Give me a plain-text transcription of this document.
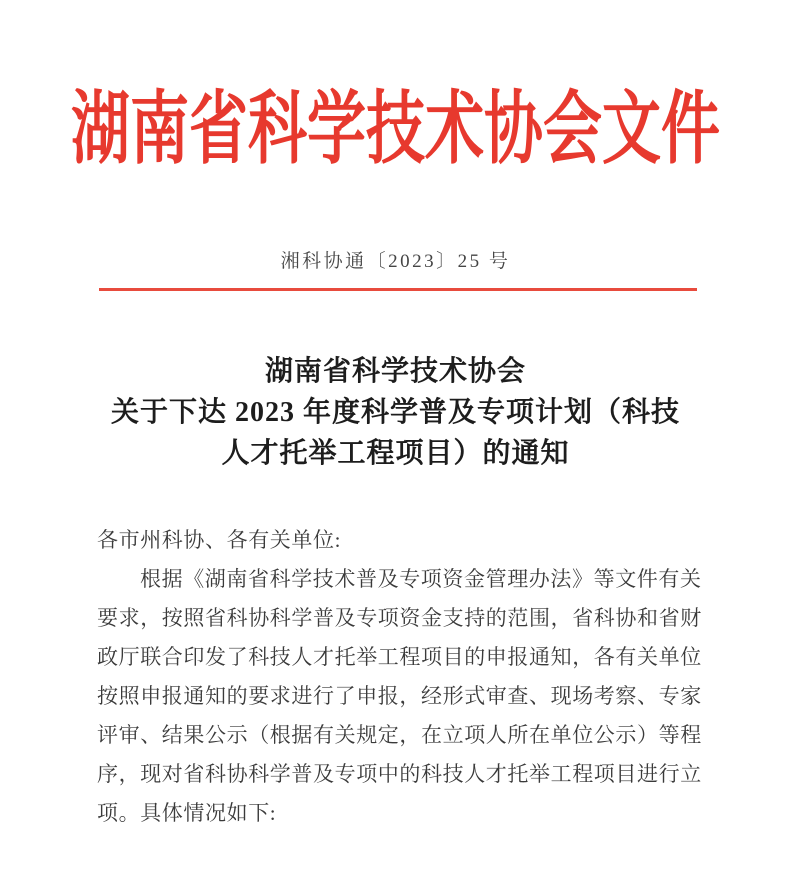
湖南省科学技术协会文件
湘科协通〔2023〕25 号
湖南省科学技术协会
关于下达 2023 年度科学普及专项计划（科技
人才托举工程项目）的通知
各市州科协、各有关单位:
根据《湖南省科学技术普及专项资金管理办法》等文件有关
要求，按照省科协科学普及专项资金支持的范围，省科协和省财
政厅联合印发了科技人才托举工程项目的申报通知，各有关单位
按照申报通知的要求进行了申报，经形式审查、现场考察、专家
评审、结果公示（根据有关规定，在立项人所在单位公示）等程
序，现对省科协科学普及专项中的科技人才托举工程项目进行立
项。具体情况如下:
